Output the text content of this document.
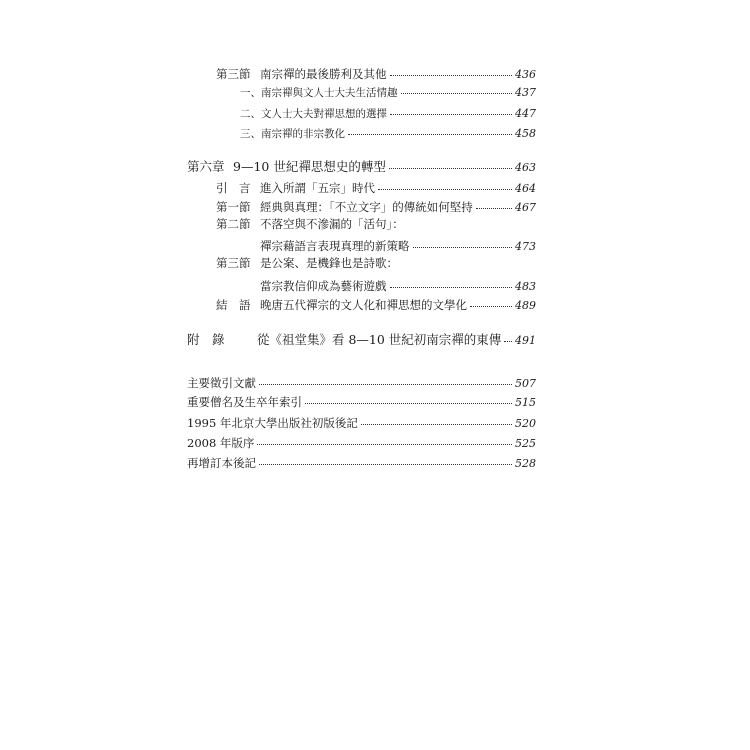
第三節 南宗禪的最後勝利及其他	436
一、南宗禪與文人士大夫生活情趣	437
二、文人士大夫對禪思想的選擇	447
三、南宗禪的非宗教化	458
第六章 9—10 世紀禪思想史的轉型	463
引　言 進入所謂「五宗」時代	464
第一節 經典與真理：「不立文字」的傳統如何堅持	467
第二節 不落空與不滲漏的「活句」：
禪宗藉語言表現真理的新策略	473
第三節 是公案、是機鋒也是詩歌：
當宗教信仰成為藝術遊戲	483
結　語 晚唐五代禪宗的文人化和禪思想的文學化	489
附　錄	從《祖堂集》看 8—10 世紀初南宗禪的東傳 491
主要徵引文獻	507
重要僧名及生卒年索引	515
1995 年北京大學出版社初版後記	520
2008 年版序	525
再增訂本後記	528
